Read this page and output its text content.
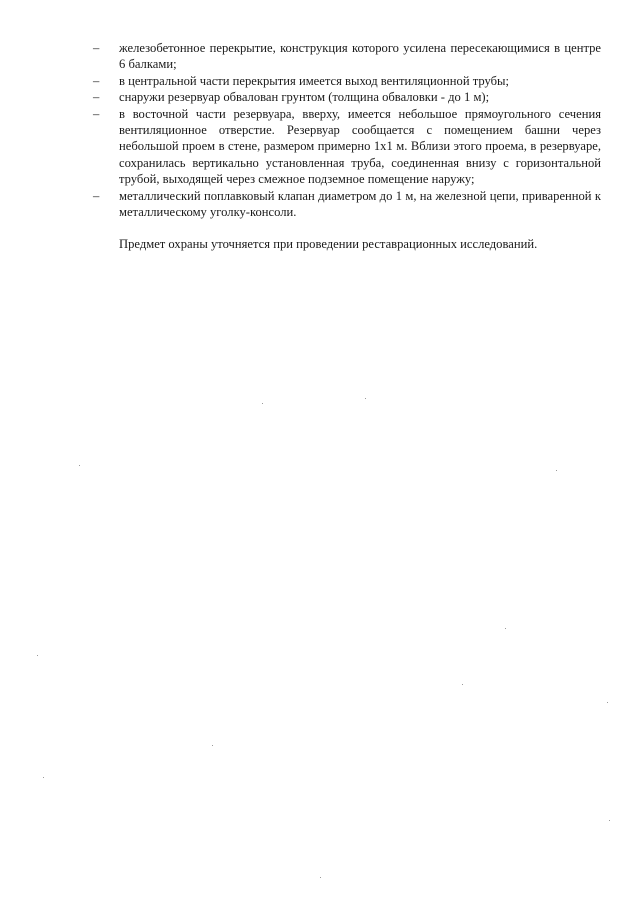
–	железобетонное перекрытие, конструкция которого усилена пересекающимися в центре 6 балками;
–	в центральной части перекрытия имеется выход вентиляционной трубы;
–	снаружи резервуар обвалован грунтом (толщина обваловки - до 1 м);
–	в восточной части резервуара, вверху, имеется небольшое прямоугольного сечения вентиляционное отверстие. Резервуар сообщается с помещением башни через небольшой проем в стене, размером примерно 1х1 м. Вблизи этого проема, в резервуаре, сохранилась вертикально установленная труба, соединенная внизу с горизонтальной трубой, выходящей через смежное подземное помещение наружу;
–	металлический поплавковый клапан диаметром до 1 м, на железной цепи, приваренной к металлическому уголку-консоли.

Предмет охраны уточняется при проведении реставрационных исследований.
